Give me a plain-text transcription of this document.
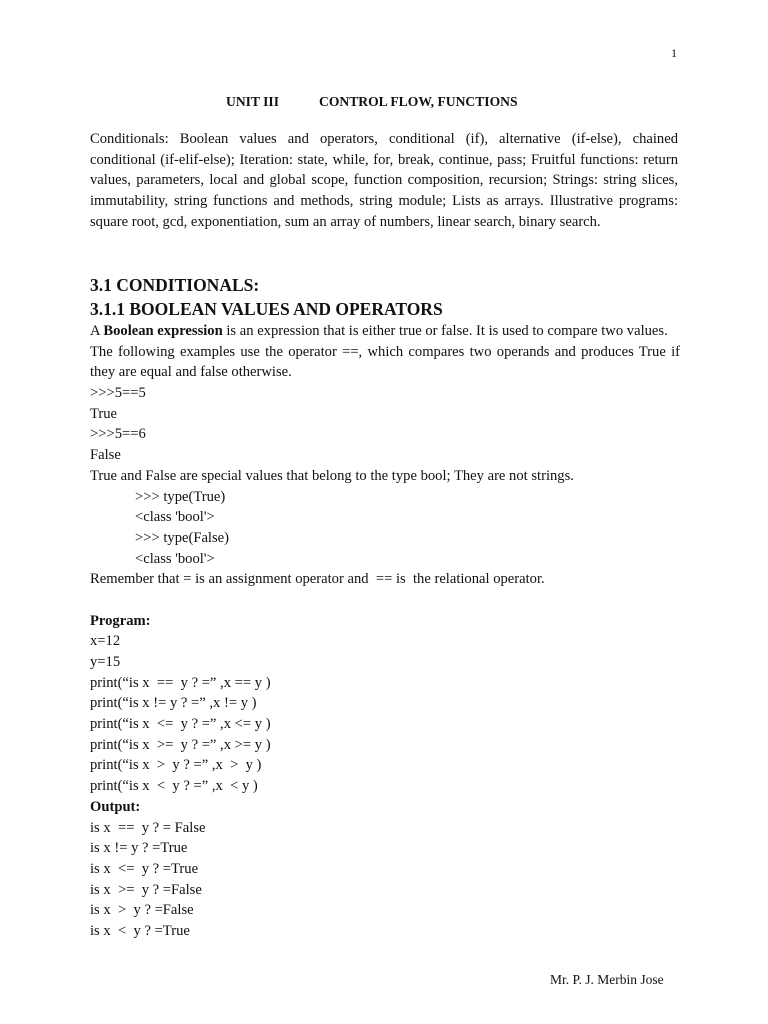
1
UNIT III	CONTROL FLOW, FUNCTIONS

Conditionals: Boolean values and operators, conditional (if), alternative (if-else), chained conditional (if-elif-else); Iteration: state, while, for, break, continue, pass; Fruitful functions: return values, parameters, local and global scope, function composition, recursion; Strings: string slices, immutability, string functions and methods, string module; Lists as arrays. Illustrative programs: square root, gcd, exponentiation, sum an array of numbers, linear search, binary search.

3.1 CONDITIONALS:
3.1.1 BOOLEAN VALUES AND OPERATORS

A Boolean expression is an expression that is either true or false. It is used to compare two values.

The following examples use the operator ==, which compares two operands and produces True if they are equal and false otherwise.

>>>5==5
True
>>>5==6
False
True and False are special values that belong to the type bool; They are not strings.
>>> type(True)
<class 'bool'>
>>> type(False)
<class 'bool'>
Remember that = is an assignment operator and  == is  the relational operator.
Program:
x=12
y=15
print(“is x  ==  y ? =” ,x == y )
print(“is x != y ? =” ,x != y )
print(“is x  <=  y ? =” ,x <= y )
print(“is x  >=  y ? =” ,x >= y )
print(“is x  >  y ? =” ,x  >  y )
print(“is x  <  y ? =” ,x  < y )
Output:
is x  ==  y ? = False
is x != y ? =True
is x  <=  y ? =True
is x  >=  y ? =False
is x  >  y ? =False
is x  <  y ? =True
Mr. P. J. Merbin Jose
